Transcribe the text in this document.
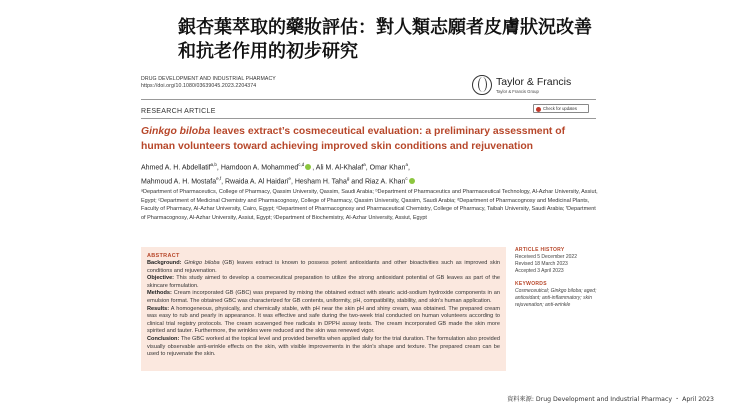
銀杏葉萃取的藥妝評估：對人類志願者皮膚狀況改善
和抗老作用的初步研究
DRUG DEVELOPMENT AND INDUSTRIAL PHARMACY
https://doi.org/10.1080/03639045.2023.2204374	Taylor & Francis
Taylor & Francis Group
Check for updates
RESEARCH ARTICLE
Ginkgo biloba leaves extract’s cosmeceutical evaluation: a preliminary assessment of human volunteers toward achieving improved skin conditions and rejuvenation
Ahmed A. H. Abdellatif$^{a,b}$, Hamdoon A. Mohammed$^{c,d}$ , Ali M. Al-Khalaf$^a$, Omar Khan$^a$,
Mahmoud A. H. Mostafa$^{e,f}$, Rwaida A. Al Haidari$^e$, Hesham H. Taha$^g$ and Riaz A. Khan$^c$
ᵃDepartment of Pharmaceutics, College of Pharmacy, Qassim University, Qassim, Saudi Arabia; ᵇDepartment of Pharmaceutics and Pharmaceutical Technology, Al-Azhar University, Assiut, Egypt; ᶜDepartment of Medicinal Chemistry and Pharmacognosy, College of Pharmacy, Qassim University, Qassim, Saudi Arabia; ᵈDepartment of Pharmacognosy and Medicinal Plants, Faculty of Pharmacy, Al-Azhar University, Cairo, Egypt; ᵉDepartment of Pharmacognosy and Pharmaceutical Chemistry, College of Pharmacy, Taibah University, Saudi Arabia; ᶠDepartment of Pharmacognosy, Al-Azhar University, Assiut, Egypt; ᵍDepartment of Biochemistry, Al-Azhar University, Assiut, Egypt
ABSTRACT
Background: Ginkgo biloba (GB) leaves extract is known to possess potent antioxidants and other bioactivities such as improved skin conditions and rejuvenation.
Objective: This study aimed to develop a cosmeceutical preparation to utilize the strong antioxidant potential of GB leaves as part of the skincare formulation.
Methods: Cream incorporated GB (GBC) was prepared by mixing the obtained extract with stearic acid-sodium hydroxide components in an emulsion format. The obtained GBC was characterized for GB contents, uniformity, pH, compatibility, stability, and skin's human application.
Results: A homogeneous, physically, and chemically stable, with pH near the skin pH and shiny cream, was obtained. The prepared cream was easy to rub and pearly in appearance. It was effective and safe during the two-week trial conducted on human volunteers according to clinical trial registry protocols. The cream scavenged free radicals in DPPH assay tests. The cream incorporated GB made the skin more spirited and tauter. Furthermore, the wrinkles were reduced and the skin was renewed vigor.
Conclusion: The GBC worked at the topical level and provided benefits when applied daily for the trial duration. The formulation also provided visually observable anti-wrinkle effects on the skin, with visible improvements in the skin's shape and texture. The prepared cream can be used to rejuvenate the skin.
ARTICLE HISTORY
Received 5 December 2022
Revised 18 March 2023
Accepted 3 April 2023
KEYWORDS
Cosmeceutical; Ginkgo biloba; aged; antioxidant; anti-inflammatory; skin rejuvenation; anti-wrinkle
資料來源: Drug Development and Industrial Pharmacy ・ April 2023
